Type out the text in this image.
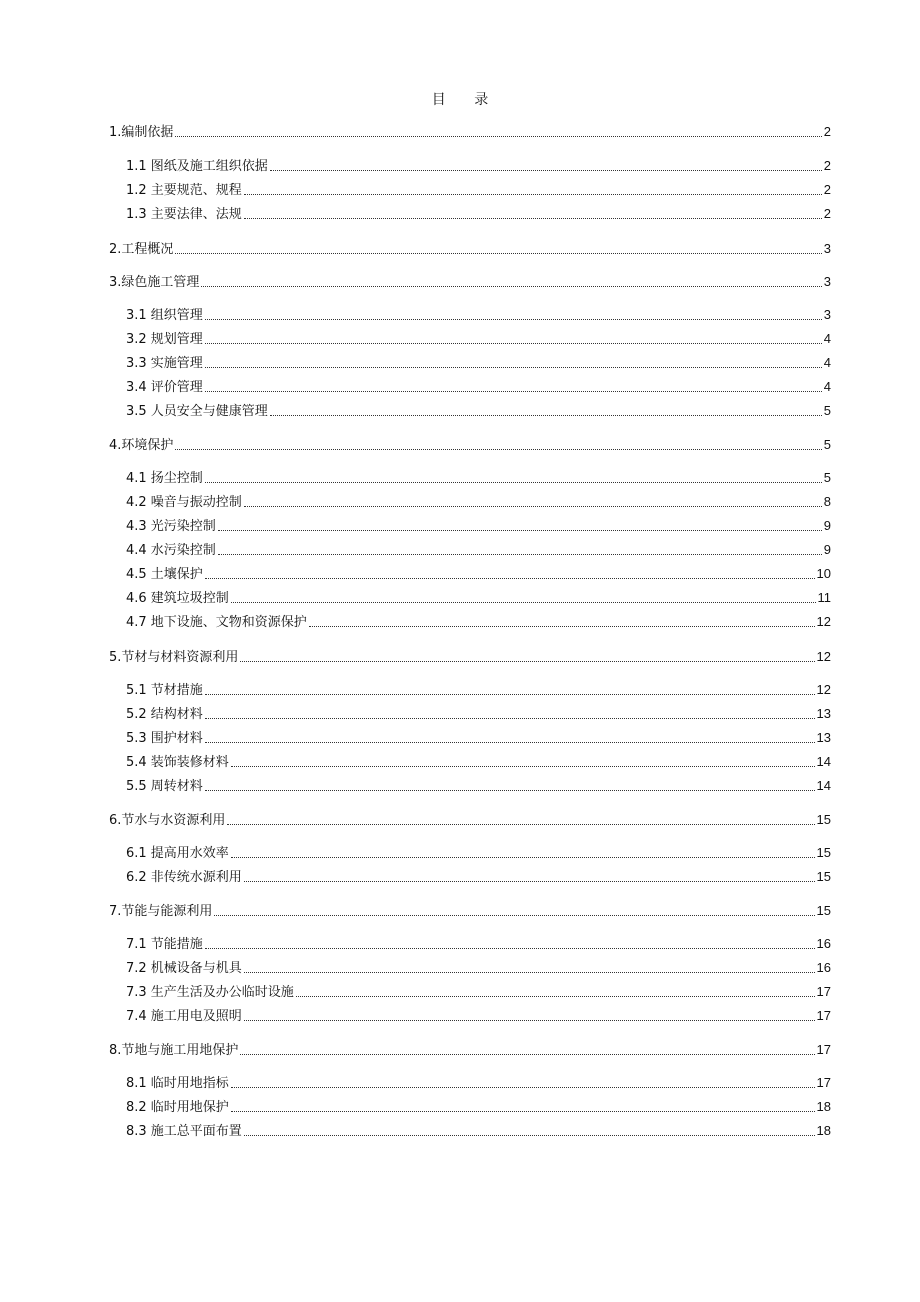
目 录
1.编制依据	2
1.1 图纸及施工组织依据	2
1.2 主要规范、规程	2
1.3 主要法律、法规	2
2.工程概况	3
3.绿色施工管理	3
3.1 组织管理	3
3.2 规划管理	4
3.3 实施管理	4
3.4 评价管理	4
3.5 人员安全与健康管理	5
4.环境保护	5
4.1 扬尘控制	5
4.2 噪音与振动控制	8
4.3 光污染控制	9
4.4 水污染控制	9
4.5 土壤保护	10
4.6 建筑垃圾控制	11
4.7 地下设施、文物和资源保护	12
5.节材与材料资源利用	12
5.1 节材措施	12
5.2 结构材料	13
5.3 围护材料	13
5.4 装饰装修材料	14
5.5 周转材料	14
6.节水与水资源利用	15
6.1 提高用水效率	15
6.2 非传统水源利用	15
7.节能与能源利用	15
7.1 节能措施	16
7.2 机械设备与机具	16
7.3 生产生活及办公临时设施	17
7.4 施工用电及照明	17
8.节地与施工用地保护	17
8.1 临时用地指标	17
8.2 临时用地保护	18
8.3 施工总平面布置	18
